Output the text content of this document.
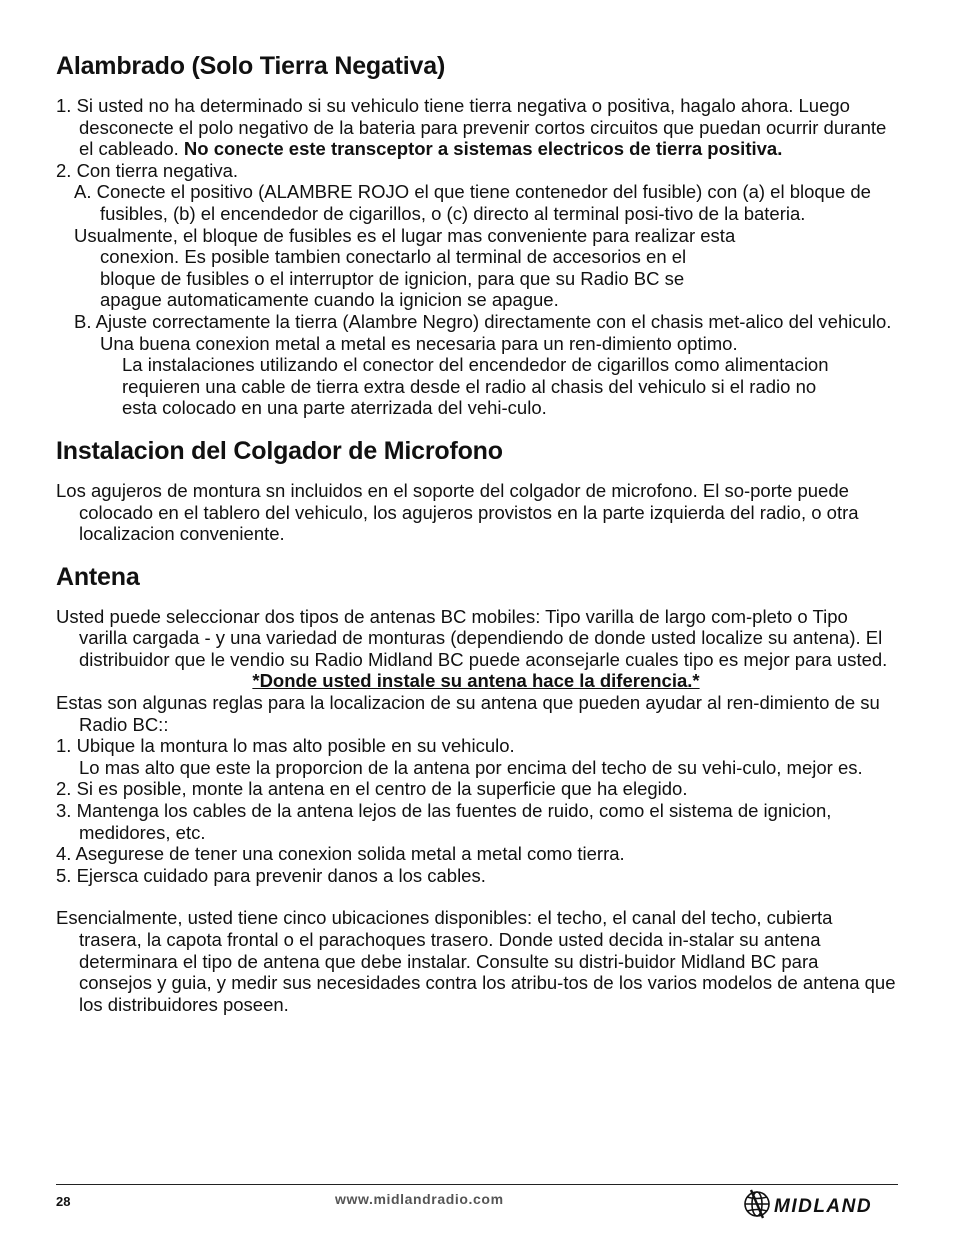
Alambrado (Solo Tierra Negativa)

1. Si usted no ha determinado si su vehiculo tiene tierra negativa o positiva, hagalo ahora. Luego desconecte el polo negativo de la bateria para prevenir cortos circuitos que puedan ocurrir durante el cableado. No conecte este transceptor a sistemas electricos de tierra positiva.

2. Con tierra negativa.

A. Conecte el positivo (ALAMBRE ROJO el que tiene contenedor del fusible) con (a) el bloque de fusibles, (b) el encendedor de cigarillos, o (c) directo al terminal posi-tivo de la bateria.

Usualmente, el bloque de fusibles es el lugar mas conveniente para realizar esta conexion. Es posible tambien conectarlo al terminal de accesorios en el bloque de fusibles o el interruptor de ignicion, para que su Radio BC se apague automaticamente cuando la ignicion se apague.

B. Ajuste correctamente la tierra (Alambre Negro) directamente con el chasis met-alico del vehiculo. Una buena conexion metal a metal es necesaria para un ren-dimiento optimo.

La instalaciones utilizando el conector del encendedor de cigarillos como alimentacion requieren una cable de tierra extra desde el radio al chasis del vehiculo si el radio no esta colocado en una parte aterrizada del vehi-culo.

Instalacion del Colgador de Microfono

Los agujeros de montura sn incluidos en el soporte del colgador de microfono. El so-porte puede colocado en el tablero del vehiculo, los agujeros provistos en la parte izquierda del radio, o otra localizacion conveniente.

Antena

Usted puede seleccionar dos tipos de antenas BC mobiles: Tipo varilla de largo com-pleto o Tipo varilla cargada - y una variedad de monturas (dependiendo de donde usted localize su antena). El distribuidor que le vendio su Radio Midland BC puede aconsejarle cuales tipo es mejor para usted.

*Donde usted instale su antena hace la diferencia.*

Estas son algunas reglas para la localizacion de su antena que pueden ayudar al ren-dimiento de su Radio BC::

1. Ubique la montura lo mas alto posible en su vehiculo.

Lo mas alto que este la proporcion de la antena por encima del techo de su vehi-culo, mejor es.

2. Si es posible, monte la antena en el centro de la superficie que ha elegido.

3. Mantenga los cables de la antena lejos de las fuentes de ruido, como el sistema de ignicion, medidores, etc.

4. Asegurese de tener una conexion solida metal a metal como tierra.

5. Ejersca cuidado para prevenir danos a los cables.

Esencialmente, usted tiene cinco ubicaciones disponibles: el techo, el canal del techo, cubierta trasera, la capota frontal o el parachoques trasero. Donde usted decida in-stalar su antena determinara el tipo de antena que debe instalar. Consulte su distri-buidor Midland BC para consejos y guia, y medir sus necesidades contra los atribu-tos de los varios modelos de antena que los distribuidores poseen.

28	www.midlandradio.com	MIDLAND
